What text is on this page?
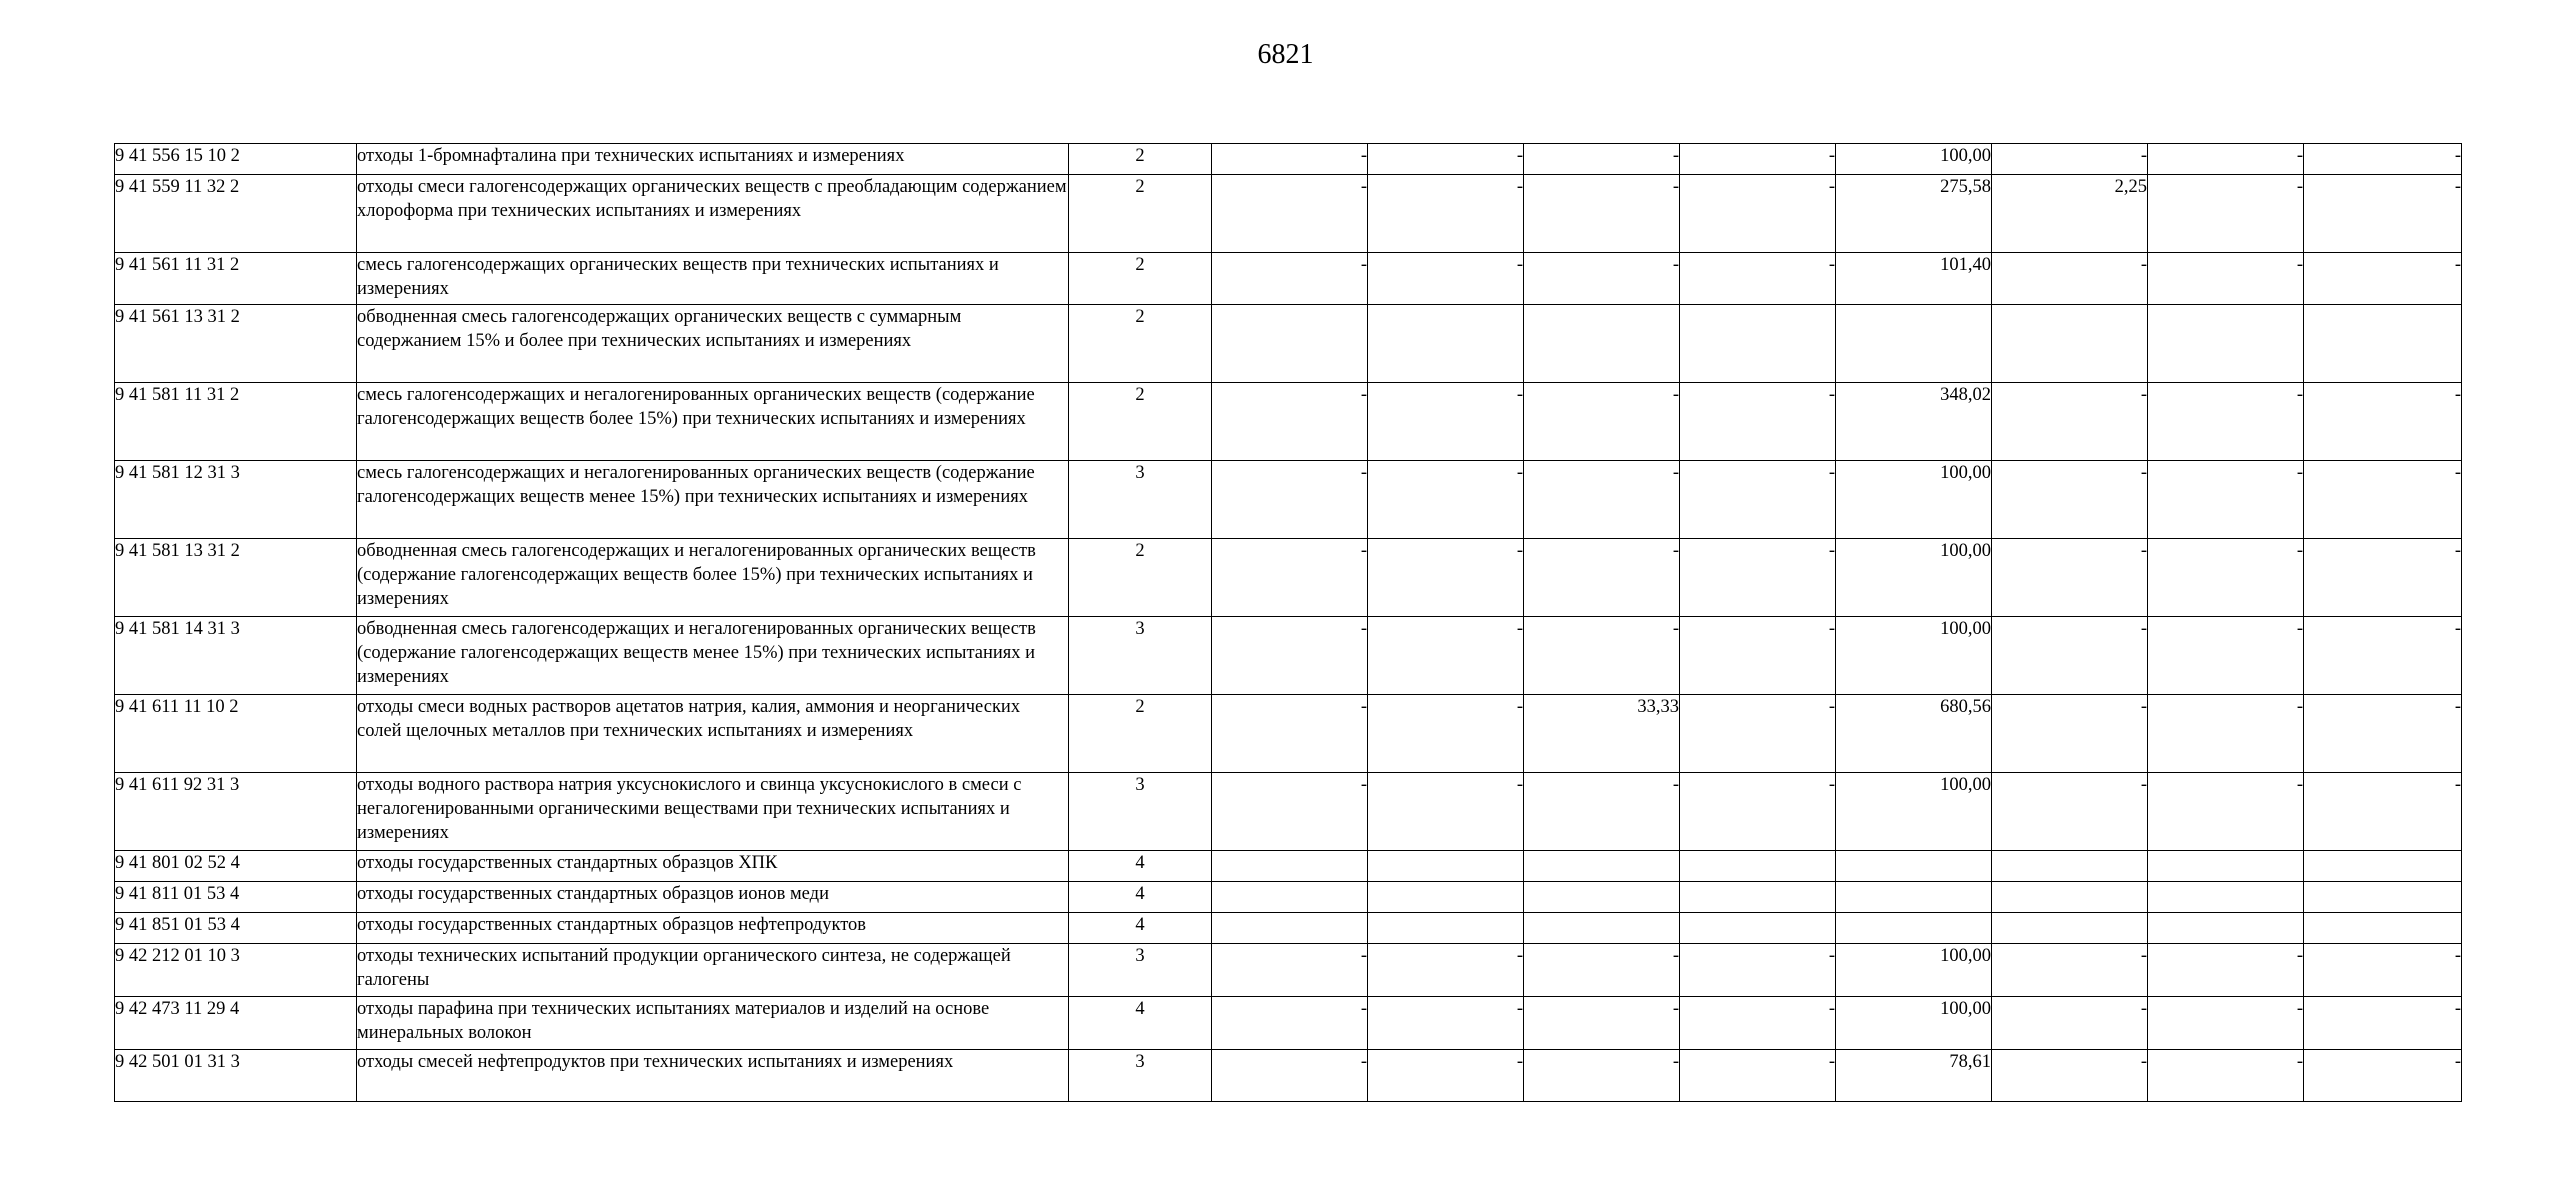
6821
9 41 556 15 10 2	отходы 1-бромнафталина при технических испытаниях и измерениях	2	-	-	-	-	100,00	-	-	-
9 41 559 11 32 2	отходы смеси галогенсодержащих органических веществ с преобладающим содержанием хлороформа при технических испытаниях и измерениях	2	-	-	-	-	275,58	2,25	-	-
9 41 561 11 31 2	смесь галогенсодержащих органических веществ при технических испытаниях и измерениях	2	-	-	-	-	101,40	-	-	-
9 41 561 13 31 2	обводненная смесь галогенсодержащих органических веществ с суммарным содержанием 15% и более при технических испытаниях и измерениях	2								
9 41 581 11 31 2	смесь галогенсодержащих и негалогенированных органических веществ (содержание галогенсодержащих веществ более 15%) при технических испытаниях и измерениях	2	-	-	-	-	348,02	-	-	-
9 41 581 12 31 3	смесь галогенсодержащих и негалогенированных органических веществ (содержание галогенсодержащих веществ менее 15%) при технических испытаниях и измерениях	3	-	-	-	-	100,00	-	-	-
9 41 581 13 31 2	обводненная смесь галогенсодержащих и негалогенированных органических веществ (содержание галогенсодержащих веществ более 15%) при технических испытаниях и измерениях	2	-	-	-	-	100,00	-	-	-
9 41 581 14 31 3	обводненная смесь галогенсодержащих и негалогенированных органических веществ (содержание галогенсодержащих веществ менее 15%) при технических испытаниях и измерениях	3	-	-	-	-	100,00	-	-	-
9 41 611 11 10 2	отходы смеси водных растворов ацетатов натрия, калия, аммония и неорганических солей щелочных металлов при технических испытаниях и измерениях	2	-	-	33,33	-	680,56	-	-	-
9 41 611 92 31 3	отходы водного раствора натрия уксуснокислого и свинца уксуснокислого в смеси с негалогенированными органическими веществами при технических испытаниях и измерениях	3	-	-	-	-	100,00	-	-	-
9 41 801 02 52 4	отходы государственных стандартных образцов ХПК	4								
9 41 811 01 53 4	отходы государственных стандартных образцов ионов меди	4								
9 41 851 01 53 4	отходы государственных стандартных образцов нефтепродуктов	4								
9 42 212 01 10 3	отходы технических испытаний продукции органического синтеза, не содержащей галогены	3	-	-	-	-	100,00	-	-	-
9 42 473 11 29 4	отходы парафина при технических испытаниях материалов и изделий на основе минеральных волокон	4	-	-	-	-	100,00	-	-	-
9 42 501 01 31 3	отходы смесей нефтепродуктов при технических испытаниях и измерениях	3	-	-	-	-	78,61	-	-	-
